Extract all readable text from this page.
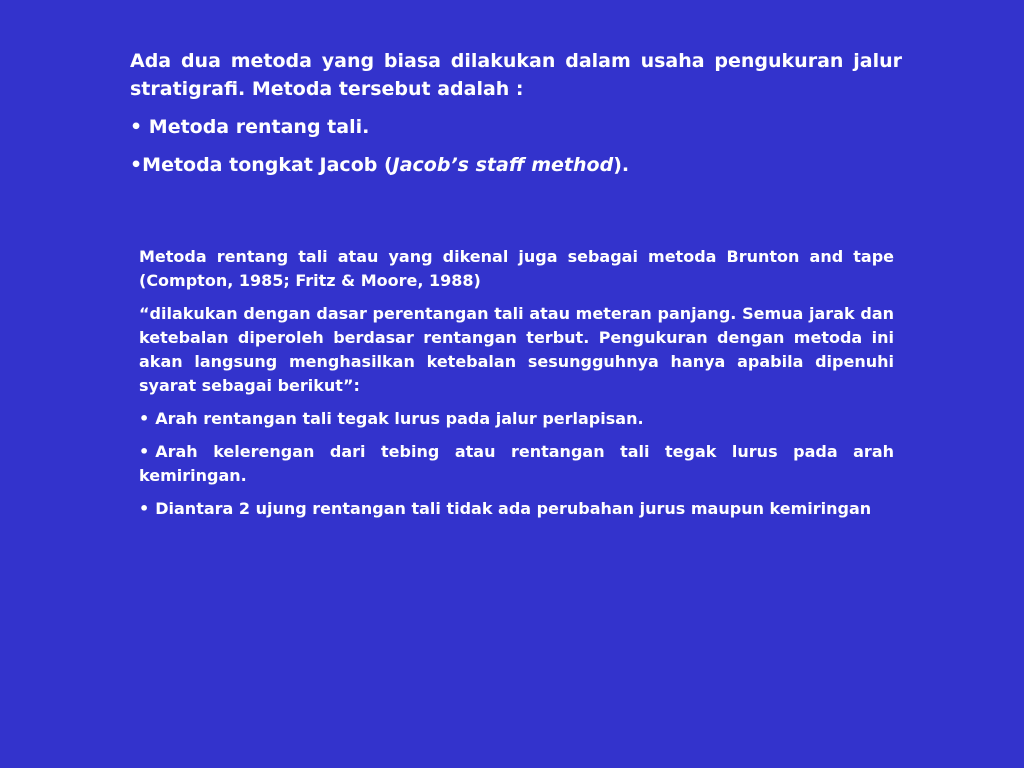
Ada dua metoda yang biasa dilakukan dalam usaha pengukuran jalur stratigrafi. Metoda tersebut adalah :

• Metoda rentang tali.

•Metoda tongkat Jacob (Jacob’s staff method).

Metoda rentang tali atau yang dikenal juga sebagai metoda Brunton and tape (Compton, 1985; Fritz & Moore, 1988)

“dilakukan dengan dasar perentangan tali atau meteran panjang. Semua jarak dan ketebalan diperoleh berdasar rentangan terbut. Pengukuran dengan metoda ini akan langsung menghasilkan ketebalan sesungguhnya hanya apabila dipenuhi syarat sebagai berikut”:

• Arah rentangan tali tegak lurus pada jalur perlapisan.

• Arah kelerengan dari tebing atau rentangan tali tegak lurus pada arah kemiringan.

• Diantara 2 ujung rentangan tali tidak ada perubahan jurus maupun kemiringan
